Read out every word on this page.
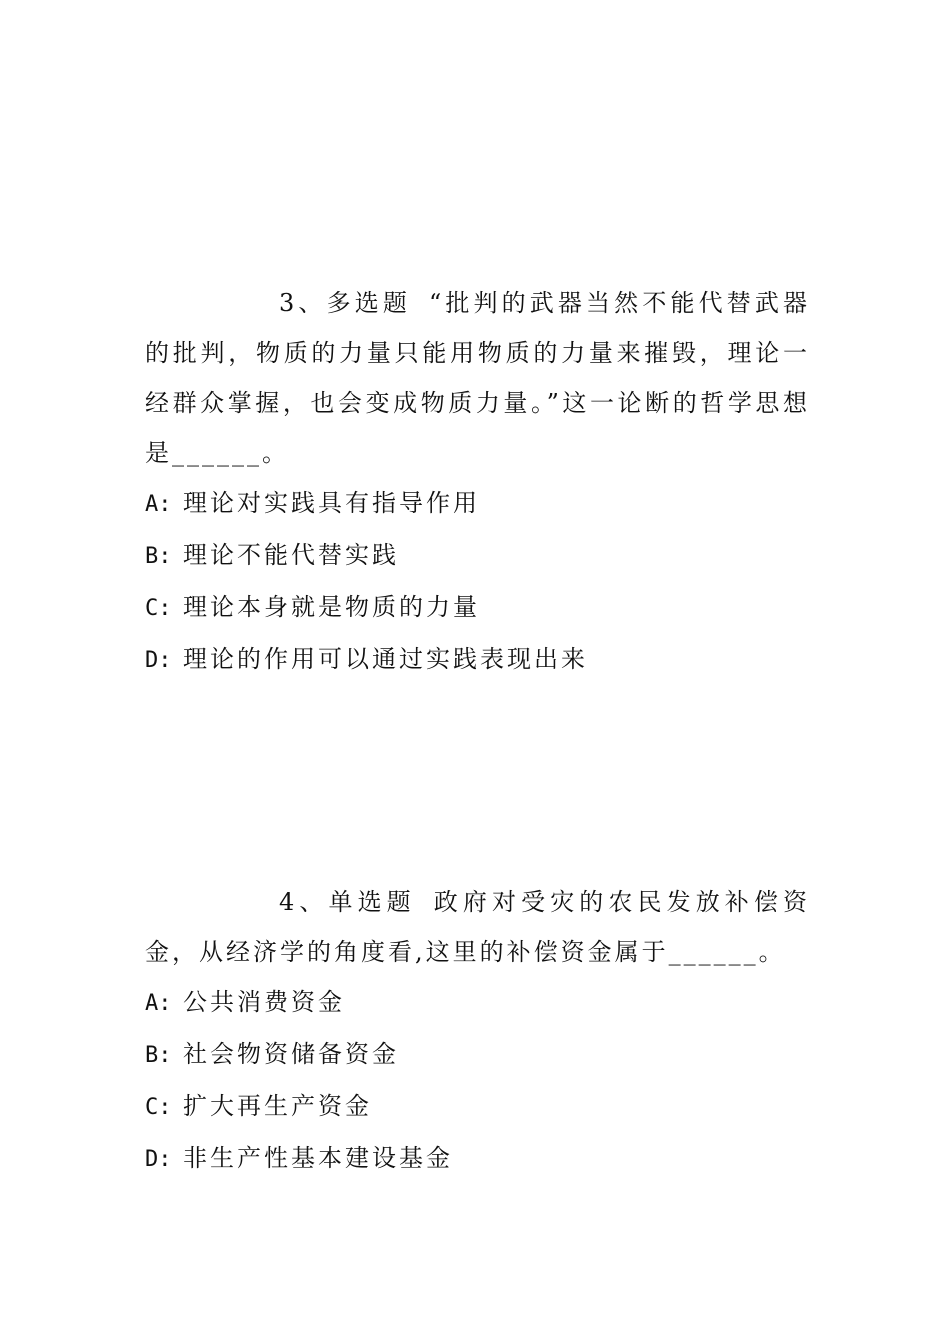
3、多选题 “批判的武器当然不能代替武器的批判，物质的力量只能用物质的力量来摧毁，理论一经群众掌握，也会变成物质力量。”这一论断的哲学思想是______。

A: 理论对实践具有指导作用
B: 理论不能代替实践
C: 理论本身就是物质的力量
D: 理论的作用可以通过实践表现出来

4、单选题 政府对受灾的农民发放补偿资金，从经济学的角度看,这里的补偿资金属于______。

A: 公共消费资金
B: 社会物资储备资金
C: 扩大再生产资金
D: 非生产性基本建设基金
